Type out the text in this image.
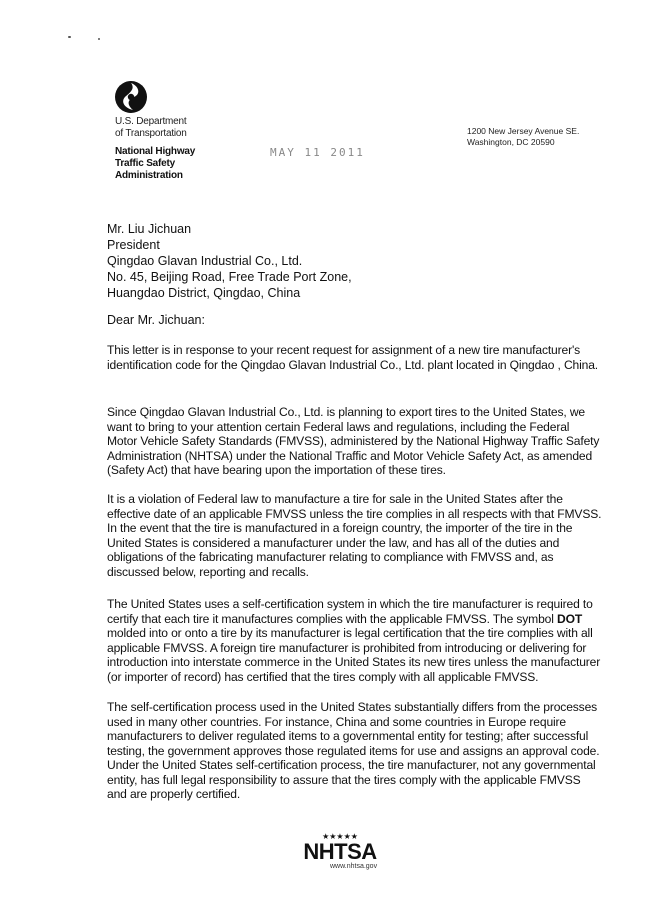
U.S. Department
of Transportation
National Highway
Traffic Safety
Administration
MAY 11 2011
1200 New Jersey Avenue SE.
Washington, DC 20590
Mr. Liu Jichuan
President
Qingdao Glavan Industrial Co., Ltd.
No. 45, Beijing Road, Free Trade Port Zone,
Huangdao District, Qingdao, China
Dear Mr. Jichuan:

This letter is in response to your recent request for assignment of a new tire manufacturer's identification code for the Qingdao Glavan Industrial Co., Ltd. plant located in Qingdao , China.

Since Qingdao Glavan Industrial Co., Ltd. is planning to export tires to the United States, we want to bring to your attention certain Federal laws and regulations, including the Federal Motor Vehicle Safety Standards (FMVSS), administered by the National Highway Traffic Safety Administration (NHTSA) under the National Traffic and Motor Vehicle Safety Act, as amended (Safety Act) that have bearing upon the importation of these tires.

It is a violation of Federal law to manufacture a tire for sale in the United States after the effective date of an applicable FMVSS unless the tire complies in all respects with that FMVSS. In the event that the tire is manufactured in a foreign country, the importer of the tire in the United States is considered a manufacturer under the law, and has all of the duties and obligations of the fabricating manufacturer relating to compliance with FMVSS and, as discussed below, reporting and recalls.

The United States uses a self-certification system in which the tire manufacturer is required to certify that each tire it manufactures complies with the applicable FMVSS. The symbol DOT molded into or onto a tire by its manufacturer is legal certification that the tire complies with all applicable FMVSS. A foreign tire manufacturer is prohibited from introducing or delivering for introduction into interstate commerce in the United States its new tires unless the manufacturer (or importer of record) has certified that the tires comply with all applicable FMVSS.

The self-certification process used in the United States substantially differs from the processes used in many other countries. For instance, China and some countries in Europe require manufacturers to deliver regulated items to a governmental entity for testing; after successful testing, the government approves those regulated items for use and assigns an approval code. Under the United States self-certification process, the tire manufacturer, not any governmental entity, has full legal responsibility to assure that the tires comply with the applicable FMVSS and are properly certified.

★★★★★
NHTSA
www.nhtsa.gov
